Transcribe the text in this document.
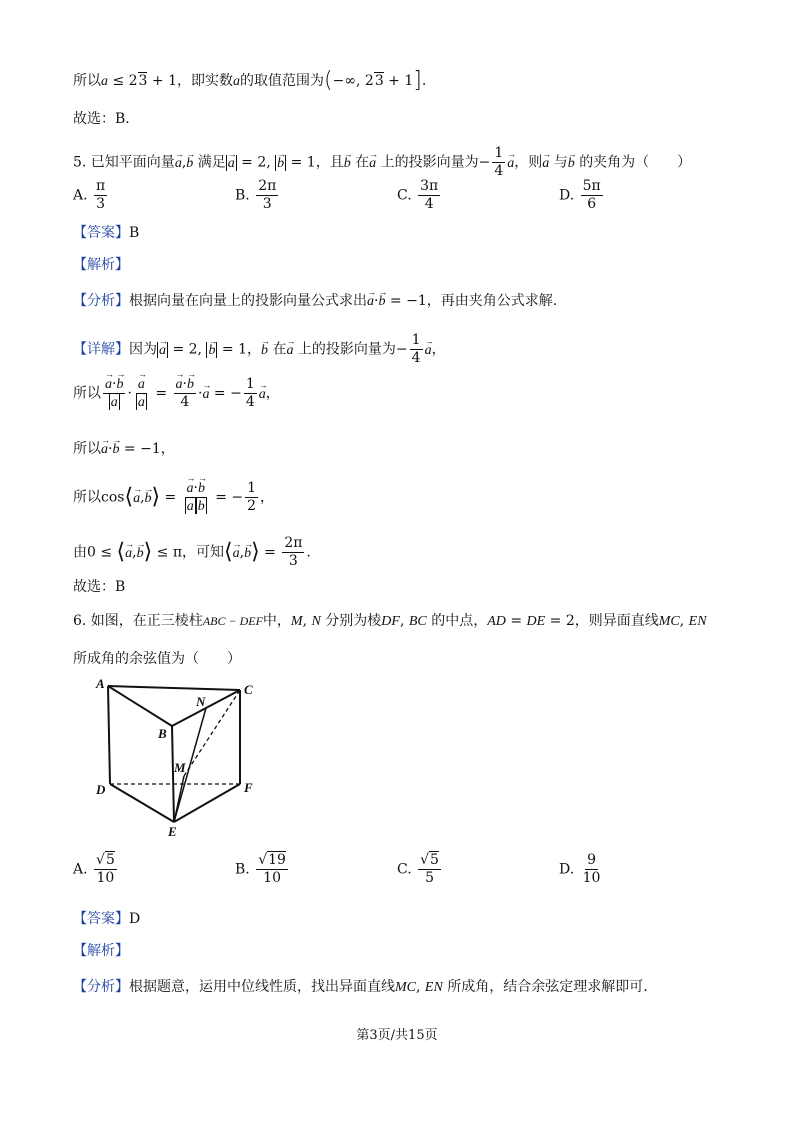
所以a ≤ 23 + 1，即实数a的取值范围为(−∞, 23 + 1].
故选：B.
5. 已知平面向量→ a,→ b 满足→ a = 2, → b = 1，且→ b 在→ a 上的投影向量为− $\frac{1}{4}$
→ a，则→ a 与→ b 的夹角为（　　）
A. $\frac{\pi}{3}$	B. $\frac{2\pi}{3}$	C. $\frac{3\pi}{4}$	D. $\frac{5\pi}{6}$
【答案】B
【解析】
【分析】根据向量在向量上的投影向量公式求出→ a·→ b = −1，再由夹角公式求解.
【详解】因为→ a = 2, → b = 1，→ b 在→ a 上的投影向量为− $\frac{1}{4}$
→ a，
所以
→ a·→ b
→ a ·
→ a
→ a =
→ $\frac{a\cdot\to b}{4} \cdot\to a$ = − $\frac{1}{4}$
→ a，
所以→ a·→ b = −1，
所以cos⟨→ a,→ b⟩ =
→ a·→ b
→ a→ b = − $\frac{1}{2}$ ，
由0 ≤ ⟨→ a,→ b⟩ ≤ π，可知⟨→ a,→ b⟩ = $\frac{2\pi}{3}$ .
故选：B
6. 如图，在正三棱柱ABC − DEF中，M, N 分别为棱DF, BC 的中点，AD = DE = 2，则异面直线MC, EN
所成角的余弦值为（　　）
A	C
N
B
M
D	F
E
A. $\frac{√5}{10}$	B. $\frac{√19}{10}$	C. $\frac{√5}{5}$	D. $\frac{9}{10}$
【答案】D
【解析】
【分析】根据题意，运用中位线性质，找出异面直线MC, EN 所成角，结合余弦定理求解即可.
第3页/共15页
